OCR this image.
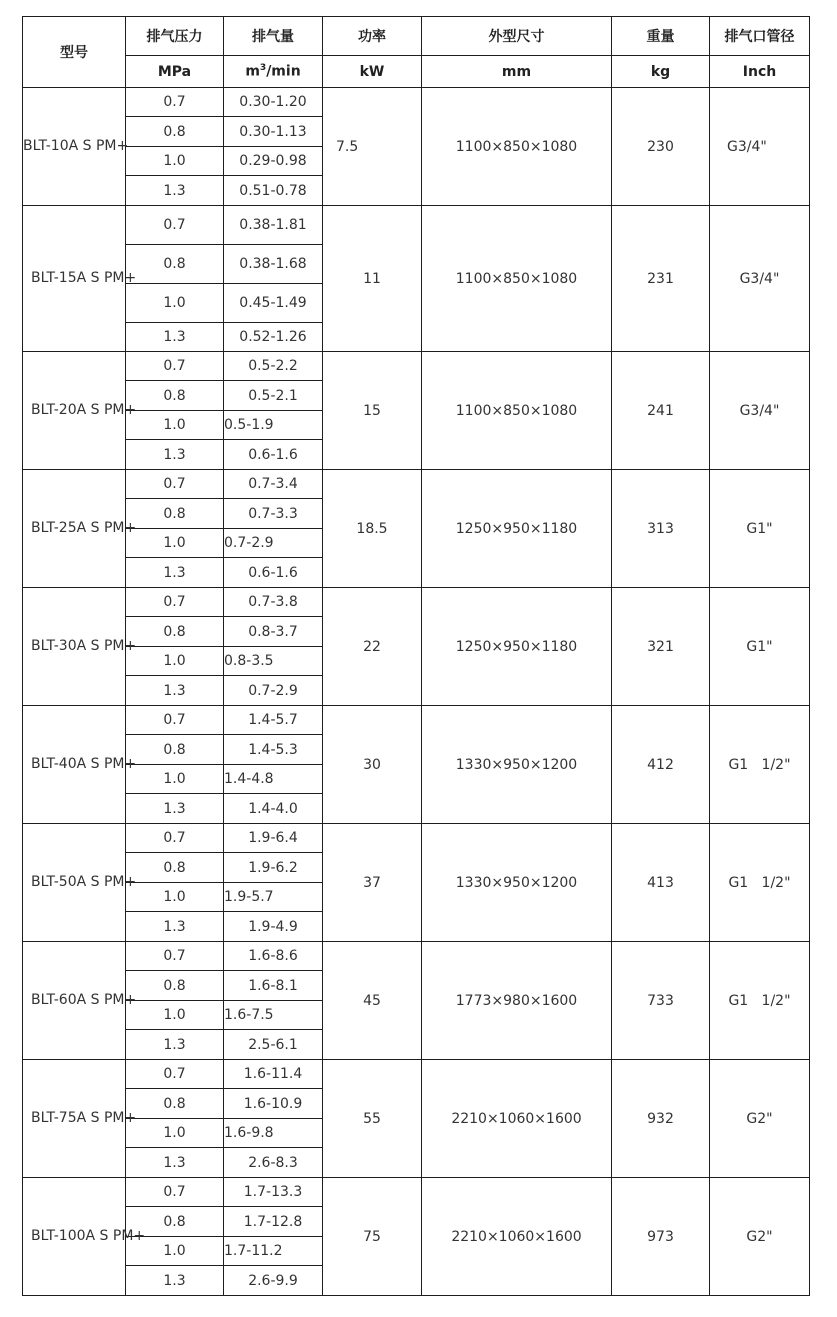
型号	排气压力	排气量	功率	外型尺寸	重量	排气口管径
	MPa	$m^3/\min$	kW	mm	kg	Inch
BLT-10A S PM+	0.7	0.30-1.20	7.5	1100×850×1080	230	G3/4"
	0.8	0.30-1.13				
	1.0	0.29-0.98				
	1.3	0.51-0.78				
BLT-15A S PM+	0.7	0.38-1.81	11	1100×850×1080	231	G3/4"
	0.8	0.38-1.68				
	1.0	0.45-1.49				
	1.3	0.52-1.26				
BLT-20A S PM+	0.7	0.5-2.2	15	1100×850×1080	241	G3/4"
	0.8	0.5-2.1				
	1.0	0.5-1.9				
	1.3	0.6-1.6				
BLT-25A S PM+	0.7	0.7-3.4	18.5	1250×950×1180	313	G1"
	0.8	0.7-3.3				
	1.0	0.7-2.9				
	1.3	0.6-1.6				
BLT-30A S PM+	0.7	0.7-3.8	22	1250×950×1180	321	G1"
	0.8	0.8-3.7				
	1.0	0.8-3.5				
	1.3	0.7-2.9				
BLT-40A S PM+	0.7	1.4-5.7	30	1330×950×1200	412	G1   1/2"
	0.8	1.4-5.3				
	1.0	1.4-4.8				
	1.3	1.4-4.0				
BLT-50A S PM+	0.7	1.9-6.4	37	1330×950×1200	413	G1   1/2"
	0.8	1.9-6.2				
	1.0	1.9-5.7				
	1.3	1.9-4.9				
BLT-60A S PM+	0.7	1.6-8.6	45	1773×980×1600	733	G1   1/2"
	0.8	1.6-8.1				
	1.0	1.6-7.5				
	1.3	2.5-6.1				
BLT-75A S PM+	0.7	1.6-11.4	55	2210×1060×1600	932	G2"
	0.8	1.6-10.9				
	1.0	1.6-9.8				
	1.3	2.6-8.3				
BLT-100A S PM+	0.7	1.7-13.3	75	2210×1060×1600	973	G2"
	0.8	1.7-12.8				
	1.0	1.7-11.2				
	1.3	2.6-9.9				
